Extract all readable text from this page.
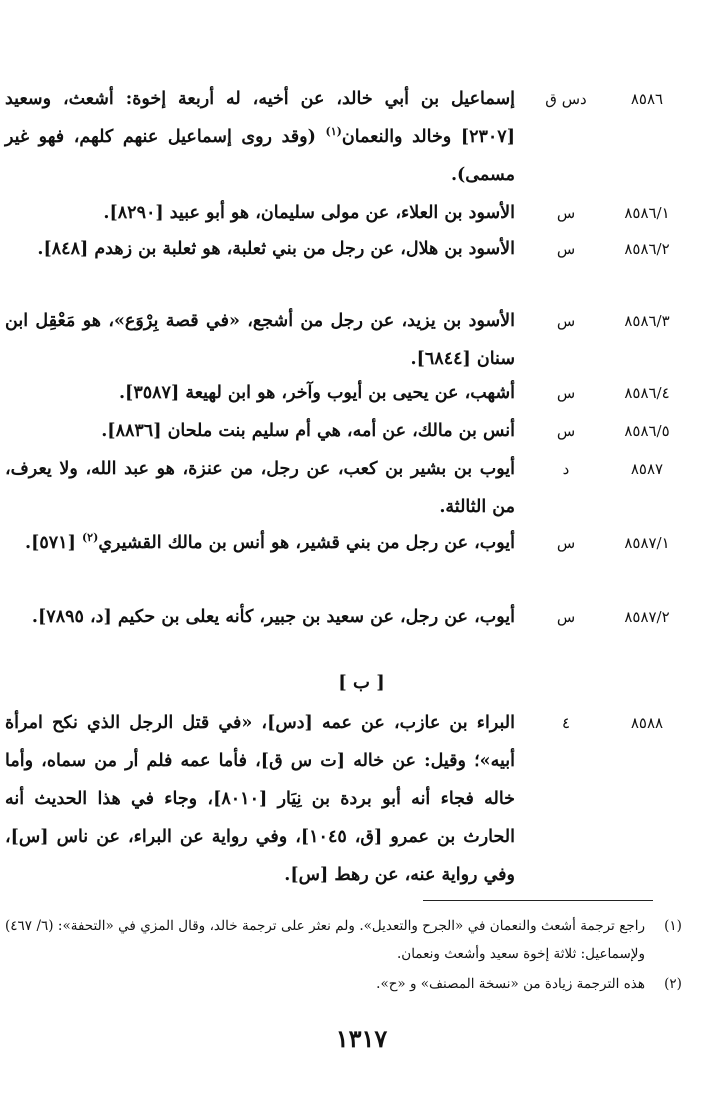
٨٥٨٦
دس ق
إسماعيل بن أبي خالد، عن أخيه، له أربعة إخوة: أشعث، وسعيد [٢٣٠٧] وخالد والنعمان$^{(١)}$ (وقد روى إسماعيل عنهم كلهم، فهو غير مسمى).
٨٥٨٦/١
س
الأسود بن العلاء، عن مولى سليمان، هو أبو عبيد [٨٢٩٠].
٨٥٨٦/٢
س
الأسود بن هلال، عن رجل من بني ثعلبة، هو ثعلبة بن زهدم [٨٤٨].
٨٥٨٦/٣
س
الأسود بن يزيد، عن رجل من أشجع، «في قصة بِرْوَع»، هو مَعْقِل ابن سنان [٦٨٤٤].
٨٥٨٦/٤
س
أشهب، عن يحيى بن أيوب وآخر، هو ابن لهيعة [٣٥٨٧].
٨٥٨٦/٥
س
أنس بن مالك، عن أمه، هي أم سليم بنت ملحان [٨٨٣٦].
٨٥٨٧
د
أيوب بن بشير بن كعب، عن رجل، من عنزة، هو عبد الله، ولا يعرف، من الثالثة.
٨٥٨٧/١
س
أيوب، عن رجل من بني قشير، هو أنس بن مالك القشيري$^{(٢)}$ [٥٧١].
٨٥٨٧/٢
س
أيوب، عن رجل، عن سعيد بن جبير، كأنه يعلى بن حكيم [د، ٧٨٩٥].
[ ب ]
٨٥٨٨
٤
البراء بن عازب، عن عمه [دس]، «في قتل الرجل الذي نكح امرأة أبيه»؛ وقيل: عن خاله [ت س ق]، فأما عمه فلم أر من سماه، وأما خاله فجاء أنه أبو بردة بن نِيَار [٨٠١٠]، وجاء في هذا الحديث أنه الحارث بن عمرو [ق، ١٠٤٥]، وفي رواية عن البراء، عن ناس [س]، وفي رواية عنه، عن رهط [س].
(١)
راجع ترجمة أشعث والنعمان في «الجرح والتعديل». ولم نعثر على ترجمة خالد، وقال المزي في «التحفة»: (٦/ ٤٦٧) ولإسماعيل: ثلاثة إخوة سعيد وأشعث ونعمان.
(٢)
هذه الترجمة زيادة من «نسخة المصنف» و «ح».
١٣١٧
